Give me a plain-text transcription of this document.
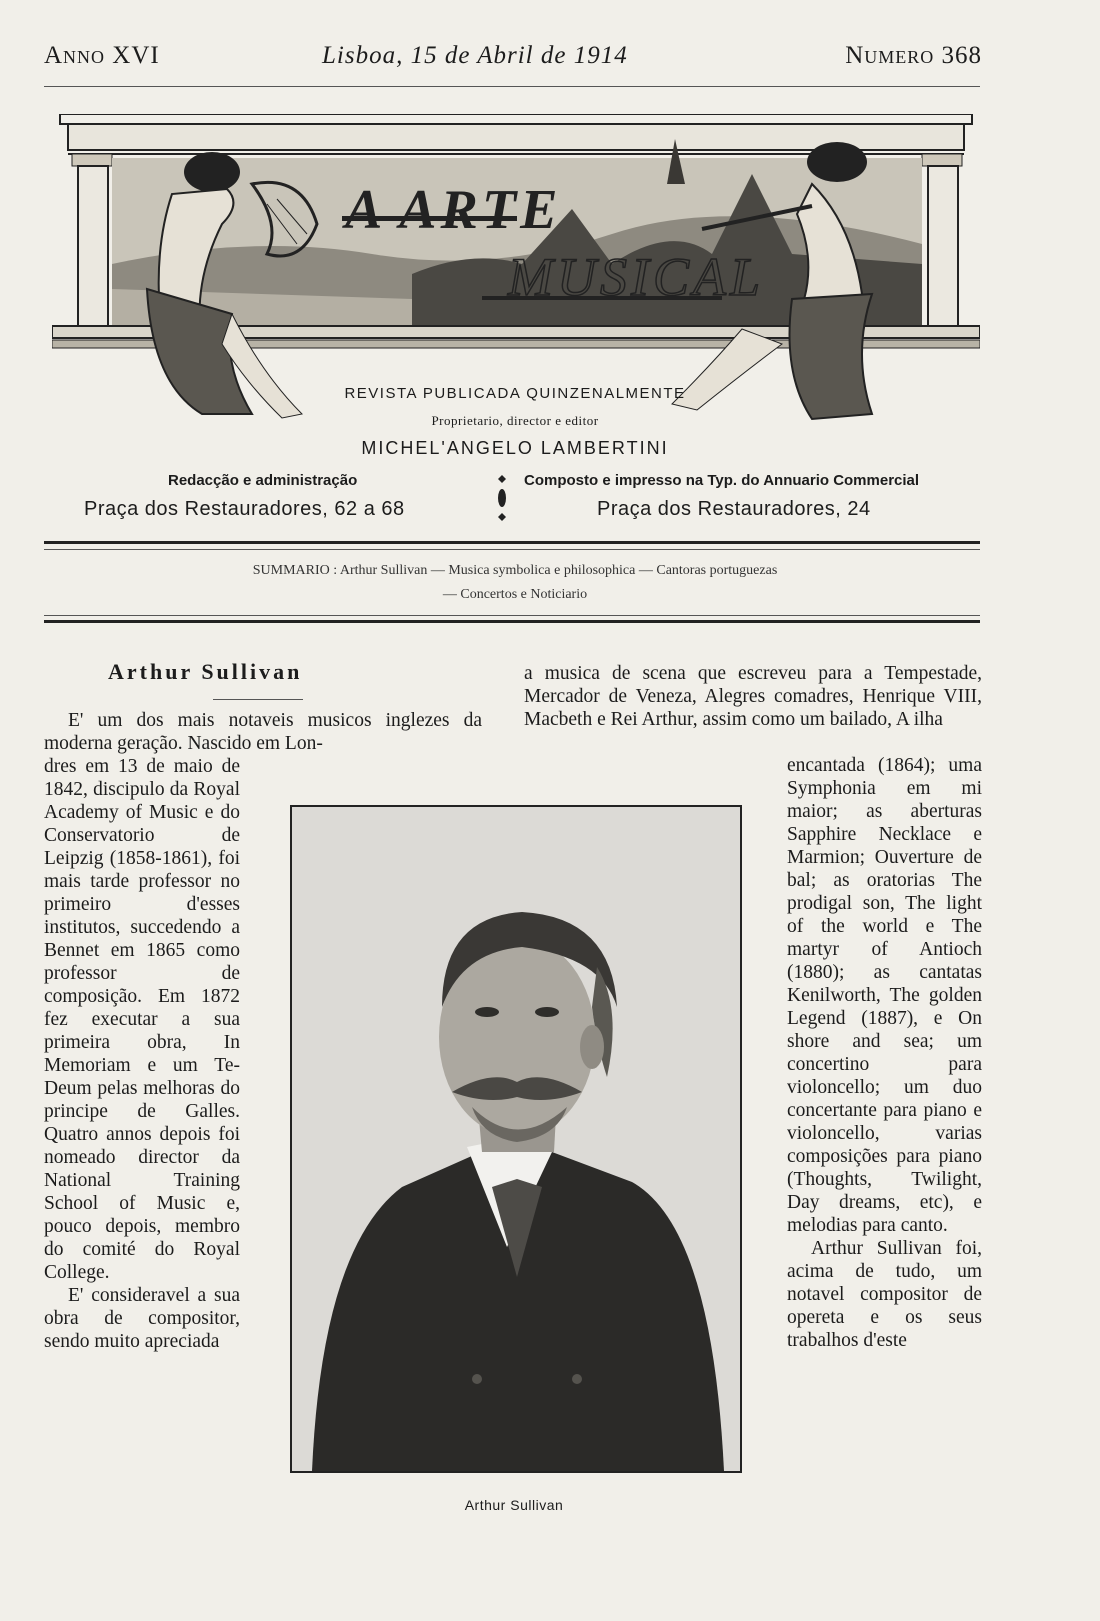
Anno XVI	Lisboa, 15 de Abril de 1914	Numero 368
A ARTE
MUSICAL
REVISTA PUBLICADA QUINZENALMENTE
Proprietario, director e editor
MICHEL'ANGELO LAMBERTINI
Redacção e administração
Praça dos Restauradores, 62 a 68
Composto e impresso na Typ. do Annuario Commercial
Praça dos Restauradores, 24
SUMMARIO : Arthur Sullivan — Musica symbolica e philosophica — Cantoras portuguezas
— Concertos e Noticiario
Arthur Sullivan

E' um dos mais notaveis musicos inglezes da moderna geração. Nascido em Lon-

dres em 13 de maio de 1842, discipulo da Royal Academy of Music e do Conservatorio de Leipzig (1858-1861), foi mais tarde professor no primeiro d'esses institutos, succedendo a Bennet em 1865 como professor de composição. Em 1872 fez executar a sua primeira obra, In Memoriam e um Te-Deum pelas melhoras do principe de Galles. Quatro annos depois foi nomeado director da National Training School of Music e, pouco depois, membro do comité do Royal College.

E' consideravel a sua obra de compositor, sendo muito apreciada

a musica de scena que escreveu para a Tempestade, Mercador de Veneza, Alegres comadres, Henrique VIII, Macbeth e Rei Arthur, assim como um bailado, A ilha

encantada (1864); uma Symphonia em mi maior; as aberturas Sapphire Necklace e Marmion; Ouverture de bal; as oratorias The prodigal son, The light of the world e The martyr of Antioch (1880); as cantatas Kenilworth, The golden Legend (1887), e On shore and sea; um concertino para violoncello; um duo concertante para piano e violoncello, varias composições para piano (Thoughts, Twilight, Day dreams, etc), e melodias para canto.

Arthur Sullivan foi, acima de tudo, um notavel compositor de opereta e os seus trabalhos d'este

Arthur Sullivan
